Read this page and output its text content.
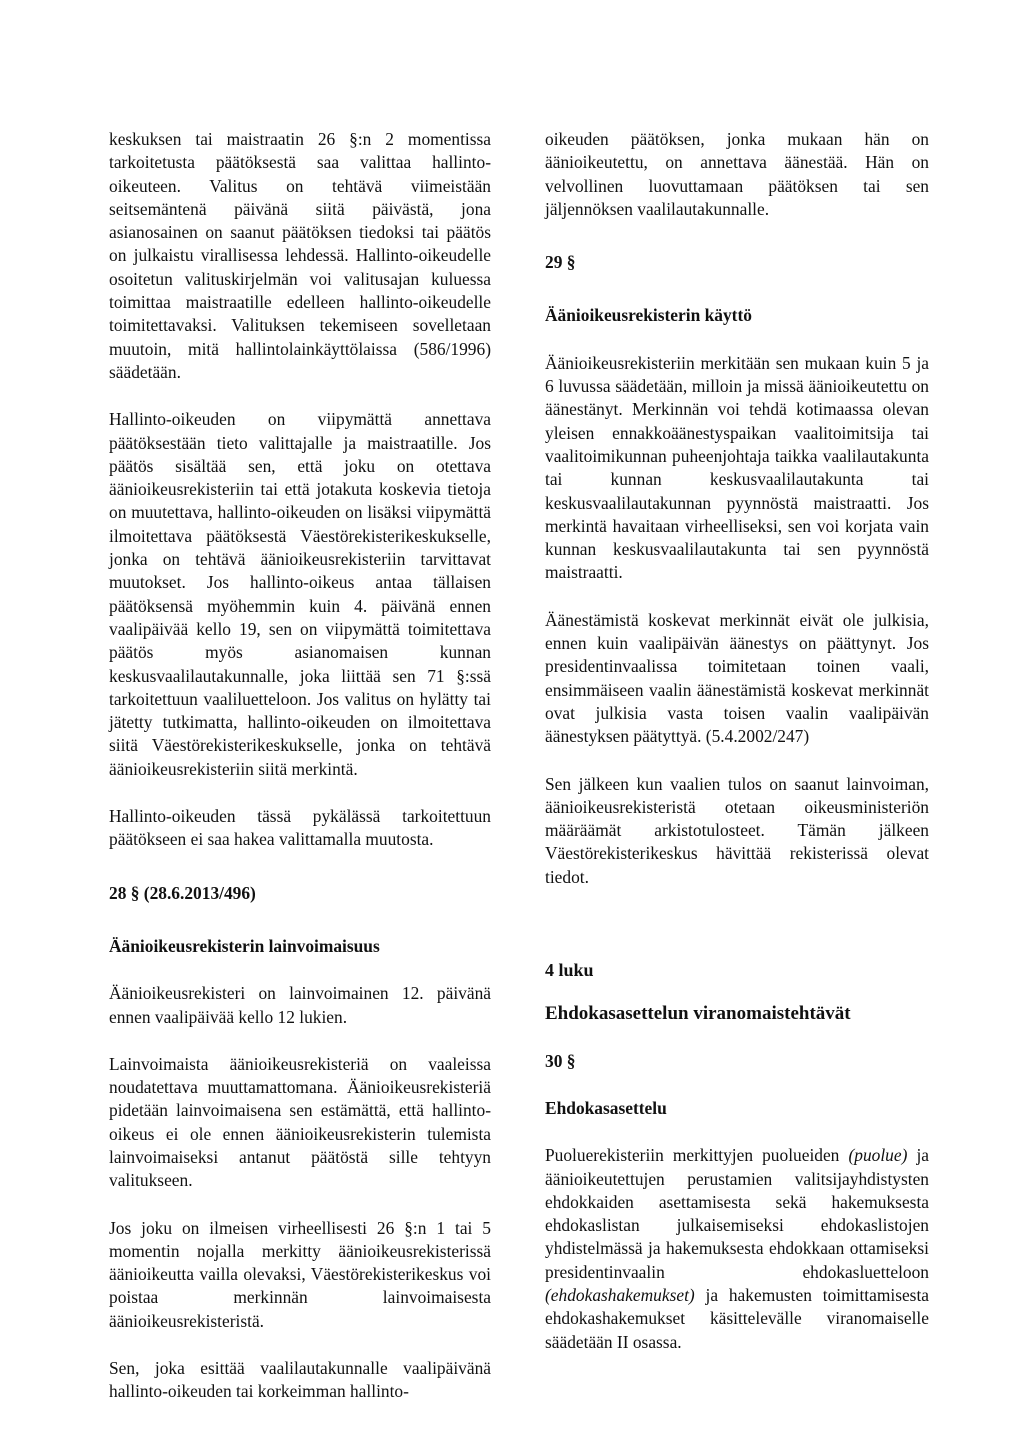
keskuksen tai maistraatin 26 §:n 2 momentissa tarkoitetusta päätöksestä saa valittaa hallinto-oikeuteen. Valitus on tehtävä viimeistään seitsemäntenä päivänä siitä päivästä, jona asianosainen on saanut päätöksen tiedoksi tai päätös on julkaistu virallisessa lehdessä. Hallinto-oikeudelle osoitetun valituskirjelmän voi valitusajan kuluessa toimittaa maistraatille edelleen hallinto-oikeudelle toimitettavaksi. Valituksen tekemiseen sovelletaan muutoin, mitä hallintolainkäyttölaissa (586/1996) säädetään.

Hallinto-oikeuden on viipymättä annettava päätöksestään tieto valittajalle ja maistraatille. Jos päätös sisältää sen, että joku on otettava äänioikeusrekisteriin tai että jotakuta koskevia tietoja on muutettava, hallinto-oikeuden on lisäksi viipymättä ilmoitettava päätöksestä Väestörekisterikeskukselle, jonka on tehtävä äänioikeusrekisteriin tarvittavat muutokset. Jos hallinto-oikeus antaa tällaisen päätöksensä myöhemmin kuin 4. päivänä ennen vaalipäivää kello 19, sen on viipymättä toimitettava päätös myös asianomaisen kunnan keskusvaalilautakunnalle, joka liittää sen 71 §:ssä tarkoitettuun vaaliluetteloon. Jos valitus on hylätty tai jätetty tutkimatta, hallinto-oikeuden on ilmoitettava siitä Väestörekisterikeskukselle, jonka on tehtävä äänioikeusrekisteriin siitä merkintä.

Hallinto-oikeuden tässä pykälässä tarkoitettuun päätökseen ei saa hakea valittamalla muutosta.

28 § (28.6.2013/496)
Äänioikeusrekisterin lainvoimaisuus

Äänioikeusrekisteri on lainvoimainen 12. päivänä ennen vaalipäivää kello 12 lukien.

Lainvoimaista äänioikeusrekisteriä on vaaleissa noudatettava muuttamattomana. Äänioikeusrekisteriä pidetään lainvoimaisena sen estämättä, että hallinto-oikeus ei ole ennen äänioikeusrekisterin tulemista lainvoimaiseksi antanut päätöstä sille tehtyyn valitukseen.

Jos joku on ilmeisen virheellisesti 26 §:n 1 tai 5 momentin nojalla merkitty äänioikeusrekisterissä äänioikeutta vailla olevaksi, Väestörekisterikeskus voi poistaa merkinnän lainvoimaisesta äänioikeusrekisteristä.

Sen, joka esittää vaalilautakunnalle vaalipäivänä hallinto-oikeuden tai korkeimman hallinto-

oikeuden päätöksen, jonka mukaan hän on äänioikeutettu, on annettava äänestää. Hän on velvollinen luovuttamaan päätöksen tai sen jäljennöksen vaalilautakunnalle.

29 §
Äänioikeusrekisterin käyttö

Äänioikeusrekisteriin merkitään sen mukaan kuin 5 ja 6 luvussa säädetään, milloin ja missä äänioikeutettu on äänestänyt. Merkinnän voi tehdä kotimaassa olevan yleisen ennakkoäänestyspaikan vaalitoimitsija tai vaalitoimikunnan puheenjohtaja taikka vaalilautakunta tai kunnan keskusvaalilautakunta tai keskusvaalilautakunnan pyynnöstä maistraatti. Jos merkintä havaitaan virheelliseksi, sen voi korjata vain kunnan keskusvaalilautakunta tai sen pyynnöstä maistraatti.

Äänestämistä koskevat merkinnät eivät ole julkisia, ennen kuin vaalipäivän äänestys on päättynyt. Jos presidentinvaalissa toimitetaan toinen vaali, ensimmäiseen vaalin äänestämistä koskevat merkinnät ovat julkisia vasta toisen vaalin vaalipäivän äänestyksen päätyttyä. (5.4.2002/247)

Sen jälkeen kun vaalien tulos on saanut lainvoiman, äänioikeusrekisteristä otetaan oikeusministeriön määräämät arkistotulosteet. Tämän jälkeen Väestörekisterikeskus hävittää rekisterissä olevat tiedot.

4 luku
Ehdokasasettelun viranomaistehtävät
30 §
Ehdokasasettelu

Puoluerekisteriin merkittyjen puolueiden (puolue) ja äänioikeutettujen perustamien valitsijayhdistysten ehdokkaiden asettamisesta sekä hakemuksesta ehdokaslistan julkaisemiseksi ehdokaslistojen yhdistelmässä ja hakemuksesta ehdokkaan ottamiseksi presidentinvaalin ehdokasluetteloon (ehdokashakemukset) ja hakemusten toimittamisesta ehdokashakemukset käsittelevälle viranomaiselle säädetään II osassa.
